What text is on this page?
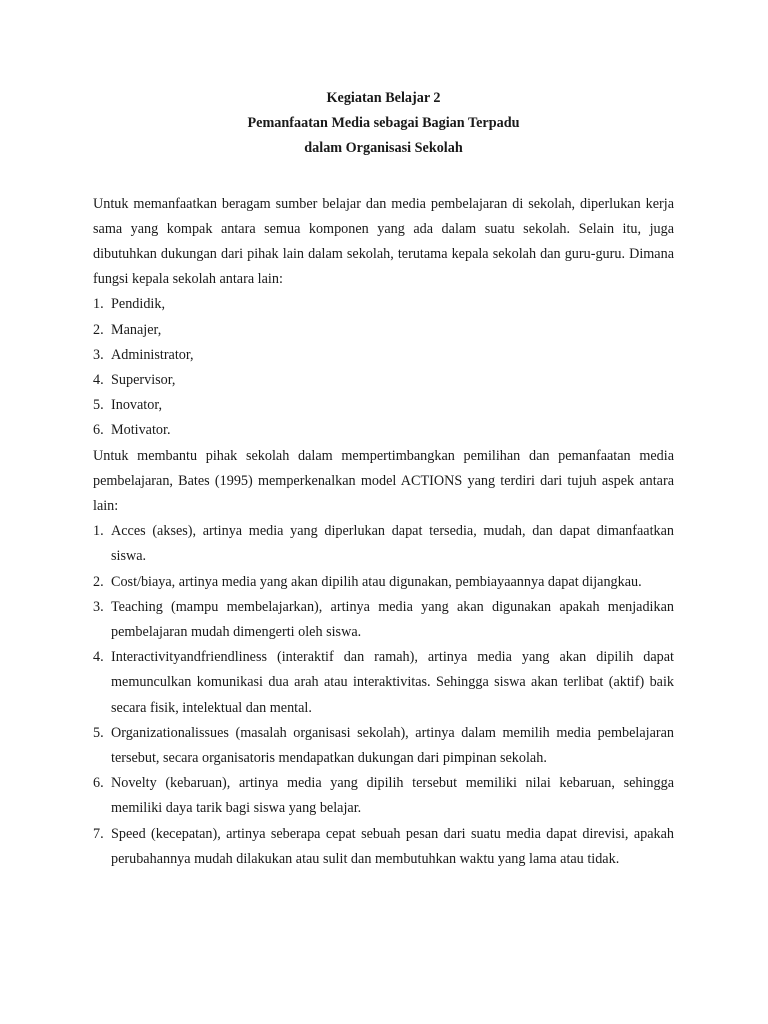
Kegiatan Belajar 2
Pemanfaatan Media sebagai Bagian Terpadu
dalam Organisasi Sekolah

Untuk memanfaatkan beragam sumber belajar dan media pembelajaran di sekolah, diperlukan kerja sama yang kompak antara semua komponen yang ada dalam suatu sekolah. Selain itu, juga dibutuhkan dukungan dari pihak lain dalam sekolah, terutama kepala sekolah dan guru-guru. Dimana fungsi kepala sekolah antara lain:

1. Pendidik,
2. Manajer,
3. Administrator,
4. Supervisor,
5. Inovator,
6. Motivator.

Untuk membantu pihak sekolah dalam mempertimbangkan pemilihan dan pemanfaatan media pembelajaran, Bates (1995) memperkenalkan model ACTIONS yang terdiri dari tujuh aspek antara lain:

1. Acces (akses), artinya media yang diperlukan dapat tersedia, mudah, dan dapat dimanfaatkan siswa.
2. Cost/biaya, artinya media yang akan dipilih atau digunakan, pembiayaannya dapat dijangkau.
3. Teaching (mampu membelajarkan), artinya media yang akan digunakan apakah menjadikan pembelajaran mudah dimengerti oleh siswa.
4. Interactivityandfriendliness (interaktif dan ramah), artinya media yang akan dipilih dapat memunculkan komunikasi dua arah atau interaktivitas. Sehingga siswa akan terlibat (aktif) baik secara fisik, intelektual dan mental.
5. Organizationalissues (masalah organisasi sekolah), artinya dalam memilih media pembelajaran tersebut, secara organisatoris mendapatkan dukungan dari pimpinan sekolah.
6. Novelty (kebaruan), artinya media yang dipilih tersebut memiliki nilai kebaruan, sehingga memiliki daya tarik bagi siswa yang belajar.
7. Speed (kecepatan), artinya seberapa cepat sebuah pesan dari suatu media dapat direvisi, apakah perubahannya mudah dilakukan atau sulit dan membutuhkan waktu yang lama atau tidak.
